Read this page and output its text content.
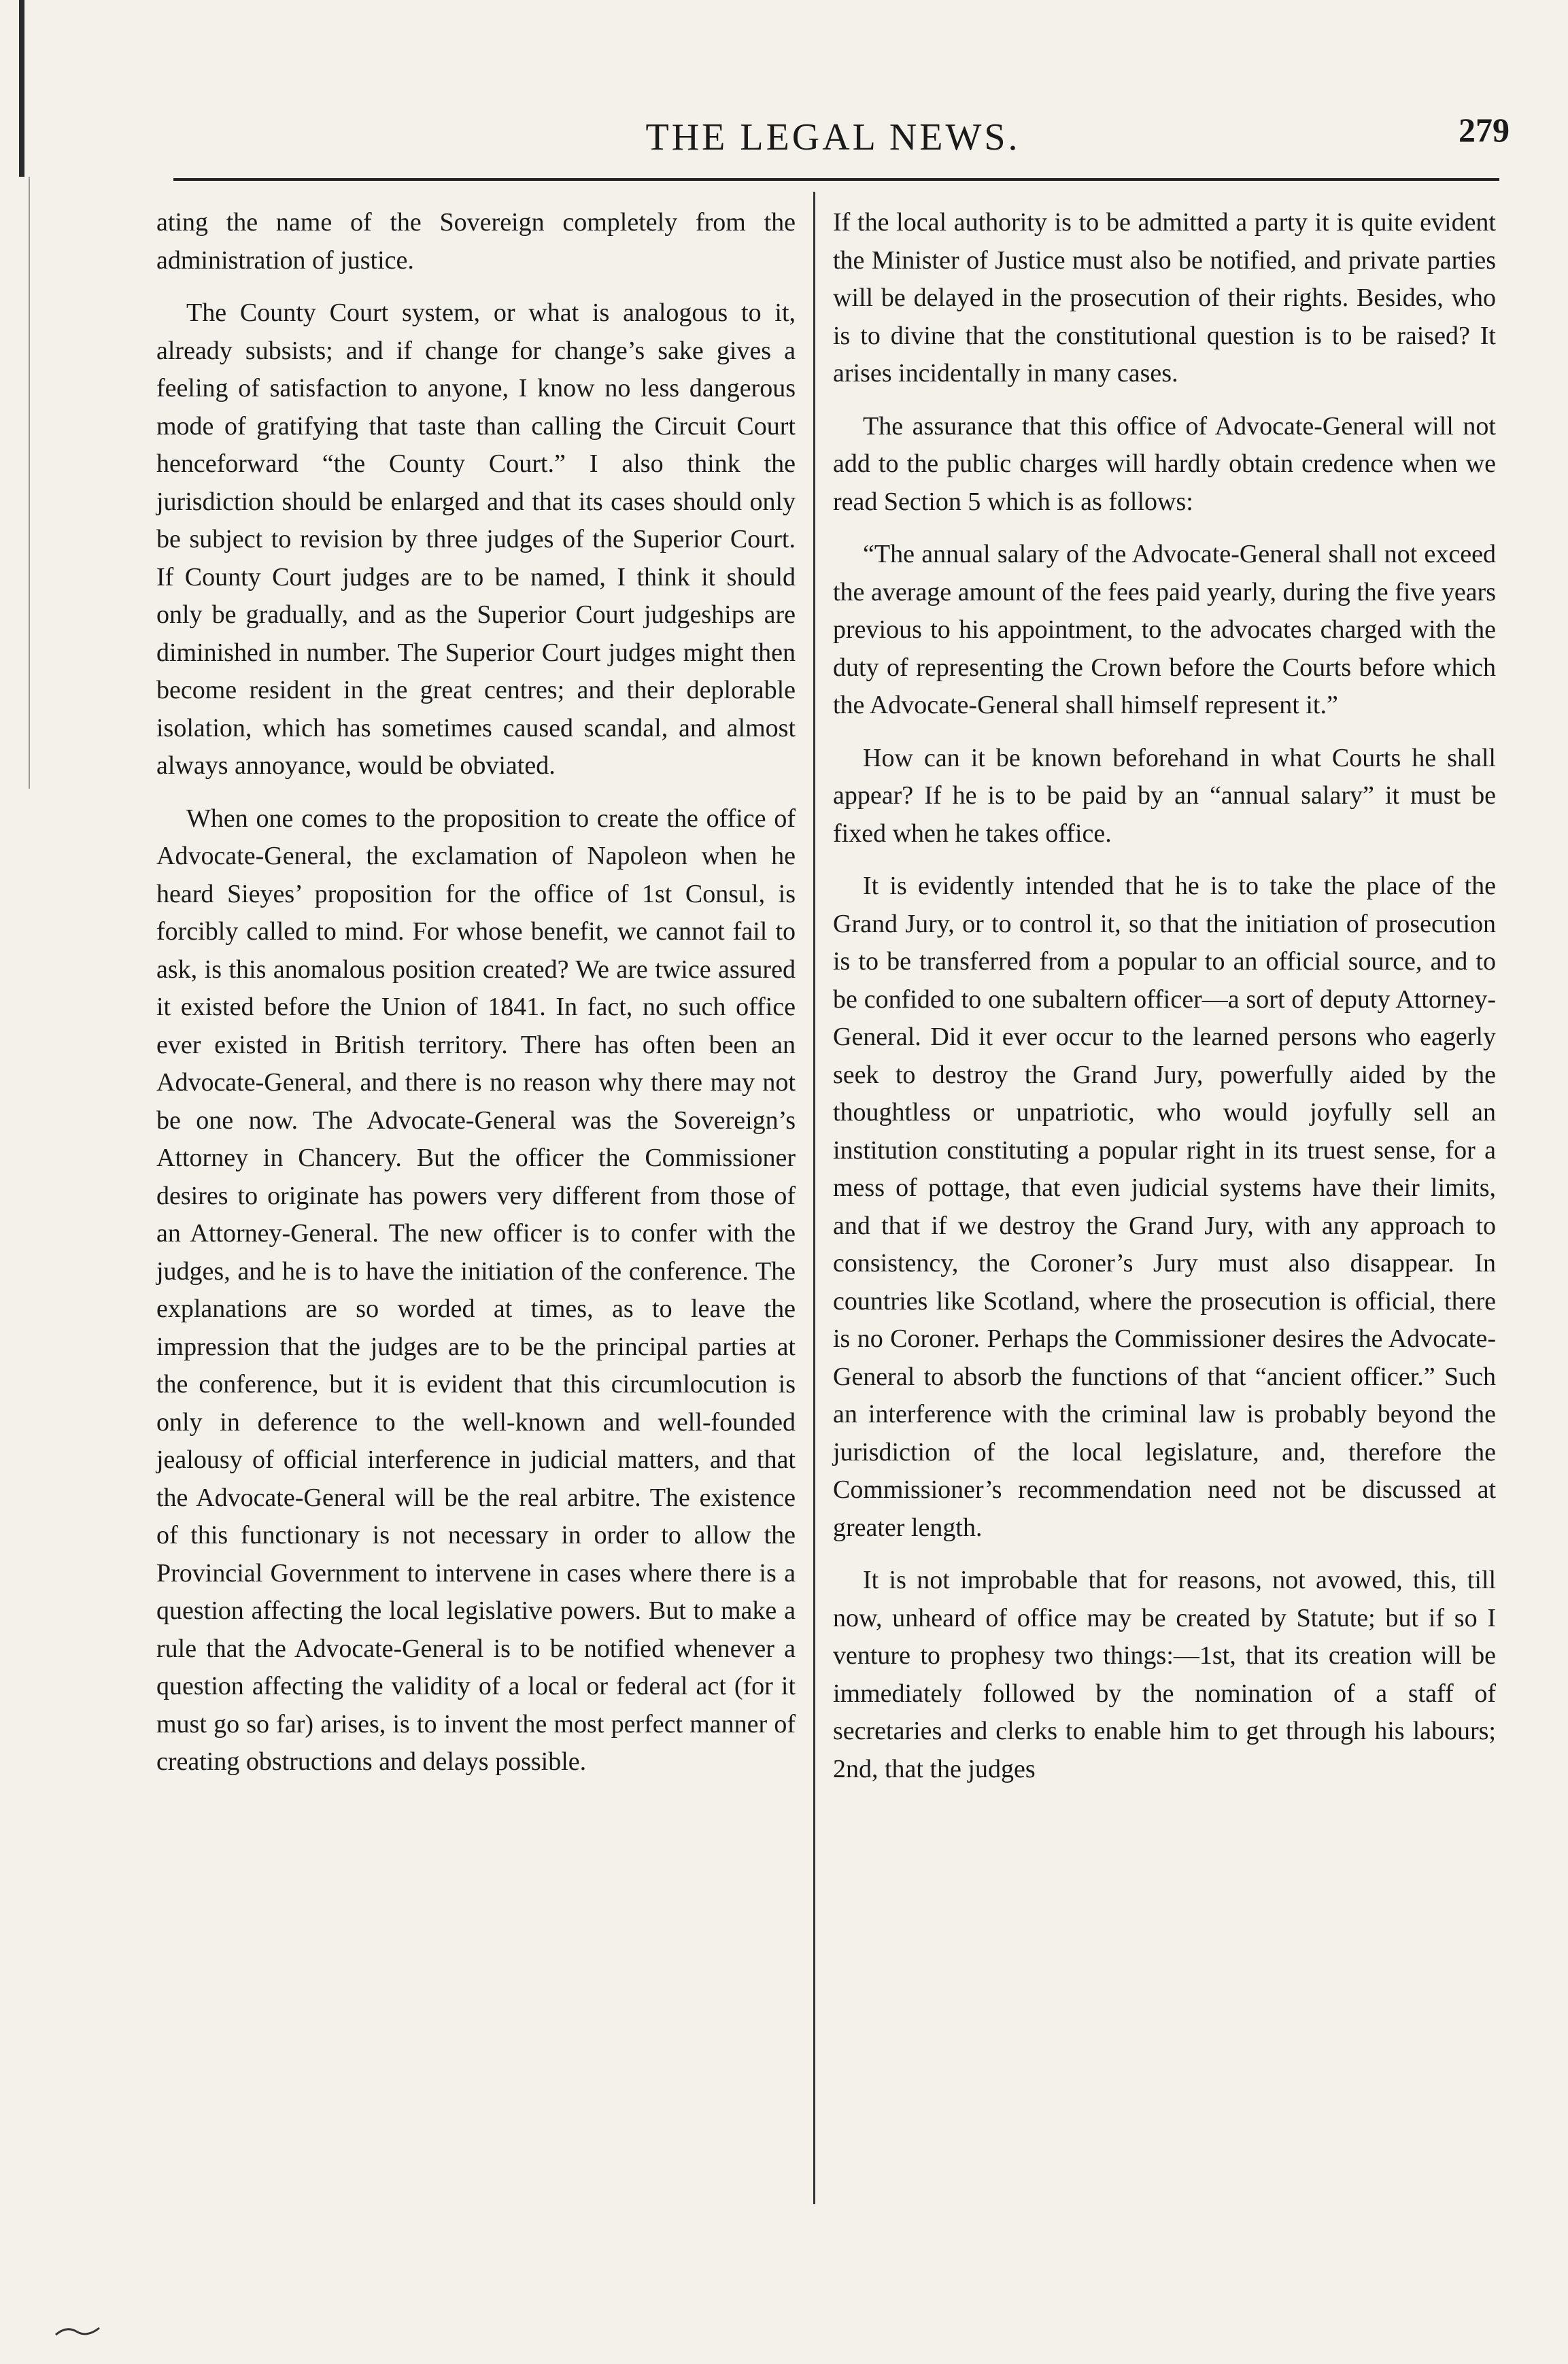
THE LEGAL NEWS.	279

ating the name of the Sovereign completely from the administration of justice.

The County Court system, or what is analogous to it, already subsists; and if change for change’s sake gives a feeling of satisfaction to anyone, I know no less dangerous mode of gratifying that taste than calling the Circuit Court henceforward “the County Court.” I also think the jurisdiction should be enlarged and that its cases should only be subject to revision by three judges of the Superior Court. If County Court judges are to be named, I think it should only be gradually, and as the Superior Court judgeships are diminished in number. The Superior Court judges might then become resident in the great centres; and their deplorable isolation, which has sometimes caused scandal, and almost always annoyance, would be obviated.

When one comes to the proposition to create the office of Advocate-General, the exclamation of Napoleon when he heard Sieyes’ proposition for the office of 1st Consul, is forcibly called to mind. For whose benefit, we cannot fail to ask, is this anomalous position created? We are twice assured it existed before the Union of 1841. In fact, no such office ever existed in British territory. There has often been an Advocate-General, and there is no reason why there may not be one now. The Advocate-General was the Sovereign’s Attorney in Chancery. But the officer the Commissioner desires to originate has powers very different from those of an Attorney-General. The new officer is to confer with the judges, and he is to have the initiation of the conference. The explanations are so worded at times, as to leave the impression that the judges are to be the principal parties at the conference, but it is evident that this circumlocution is only in deference to the well-known and well-founded jealousy of official interference in judicial matters, and that the Advocate-General will be the real arbitre. The existence of this functionary is not necessary in order to allow the Provincial Government to intervene in cases where there is a question affecting the local legislative powers. But to make a rule that the Advocate-General is to be notified whenever a question affecting the validity of a local or federal act (for it must go so far) arises, is to invent the most perfect manner of creating obstructions and delays possible.

If the local authority is to be admitted a party it is quite evident the Minister of Justice must also be notified, and private parties will be delayed in the prosecution of their rights. Besides, who is to divine that the constitutional question is to be raised? It arises incidentally in many cases.

The assurance that this office of Advocate-General will not add to the public charges will hardly obtain credence when we read Section 5 which is as follows:

“The annual salary of the Advocate-General shall not exceed the average amount of the fees paid yearly, during the five years previous to his appointment, to the advocates charged with the duty of representing the Crown before the Courts before which the Advocate-General shall himself represent it.”

How can it be known beforehand in what Courts he shall appear? If he is to be paid by an “annual salary” it must be fixed when he takes office.

It is evidently intended that he is to take the place of the Grand Jury, or to control it, so that the initiation of prosecution is to be transferred from a popular to an official source, and to be confided to one subaltern officer—a sort of deputy Attorney-General. Did it ever occur to the learned persons who eagerly seek to destroy the Grand Jury, powerfully aided by the thoughtless or unpatriotic, who would joyfully sell an institution constituting a popular right in its truest sense, for a mess of pottage, that even judicial systems have their limits, and that if we destroy the Grand Jury, with any approach to consistency, the Coroner’s Jury must also disappear. In countries like Scotland, where the prosecution is official, there is no Coroner. Perhaps the Commissioner desires the Advocate-General to absorb the functions of that “ancient officer.” Such an interference with the criminal law is probably beyond the jurisdiction of the local legislature, and, therefore the Commissioner’s recommendation need not be discussed at greater length.

It is not improbable that for reasons, not avowed, this, till now, unheard of office may be created by Statute; but if so I venture to prophesy two things:—1st, that its creation will be immediately followed by the nomination of a staff of secretaries and clerks to enable him to get through his labours; 2nd, that the judges
